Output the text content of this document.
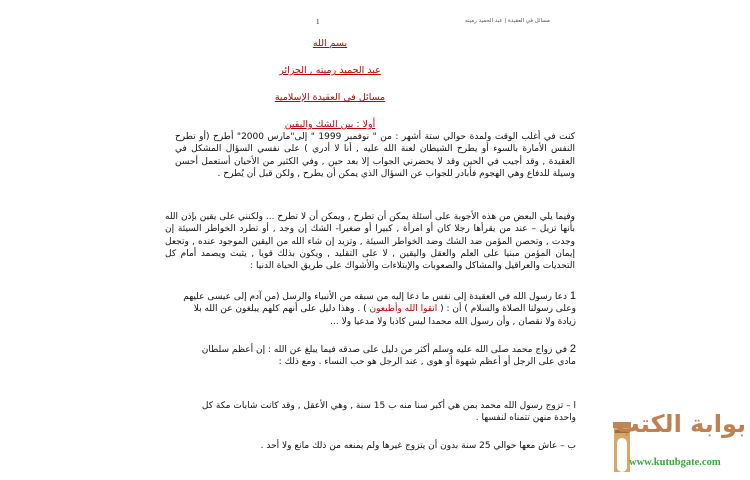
1	مسائل في العقيدة | عبد الحميد رميته
بسم الله
عبد الحميد رميته , الجزائر
مسائل في العقيدة الإسلامية
أولا : بين الشك واليقين
كنت في أغلب الوقت ولمدة حوالي ستة أشهر : من " نوفمبر 1999 " إلى"مارس 2000" أطرح (أو تطرح النفس الأمارة بالسوء أو يطرح الشيطان لعنة الله عليه , أنا لا أدري ) على نفسي السؤال المشكل في العقيدة , وقد أجيب في الحين وقد لا يحضرني الجواب إلا بعد حين , وفي الكثير من الأحيان أستعمل أحسن وسيلة للدفاع وهي الهجوم فأبادر للجواب عن السؤال الذي يمكن أن يطرح , ولكن قبل أن يُطرح .
وفيما يلي البعض من هذه الأجوبة على أسئلة يمكن أن تطرح , ويمكن أن لا تطرح ... ولكنني على يقين بإذن الله بأنها تزيل – عند من يقرأها رجلا كان أو امرأة , كبيرا أو صغيرا- الشك إن وجد , أو تطرد الخواطر السيئة إن وجدت , وتحصن المؤمن ضد الشك وضد الخواطر السيئة , وتزيد إن شاء الله من اليقين الموجود عنده , وتجعل إيمان المؤمن مبنيا على العلم والعقل واليقين , لا على التقليد , ويكون بذلك قويا , يثبت ويصمد أمام كل التحديات والعراقيل والمشاكل والصعوبات والإبتلاءات والأشواك على طريق الحياة الدنيا :
1 دعا رسول الله في العقيدة إلى نفس ما دعا إليه من سبقه من الأنبياء والرسل (من آدم إلى عيسى عليهم وعلى رسولنا الصلاة والسلام ) أن : ( اتقوا الله وأطيعون ) . وهذا دليل على أنهم كلهم يبلغون عن الله بلا زيادة ولا نقصان , وأن رسول الله محمدا ليس كاذبا ولا مدعيا ولا ...
2 في زواج محمد صلى الله عليه وسلم أكثر من دليل على صدقه فيما يبلغ عن الله : إن أعظم سلطان مادي على الرجل أو أعظم شهوة أو هوى , عند الرجل هو حب النساء . ومع ذلك :
ا – تزوج رسول الله محمد بمن هي أكبر سنا منه ب 15 سنة , وهي الأعقل , وقد كانت شابات مكة كل واحدة منهن تتمناه لنفسها .
ب – عاش معها حوالي 25 سنة بدون أن يتزوج غيرها ولم يمنعه من ذلك مانع ولا أحد .
بوابة الكتب
www.kutubgate.com
